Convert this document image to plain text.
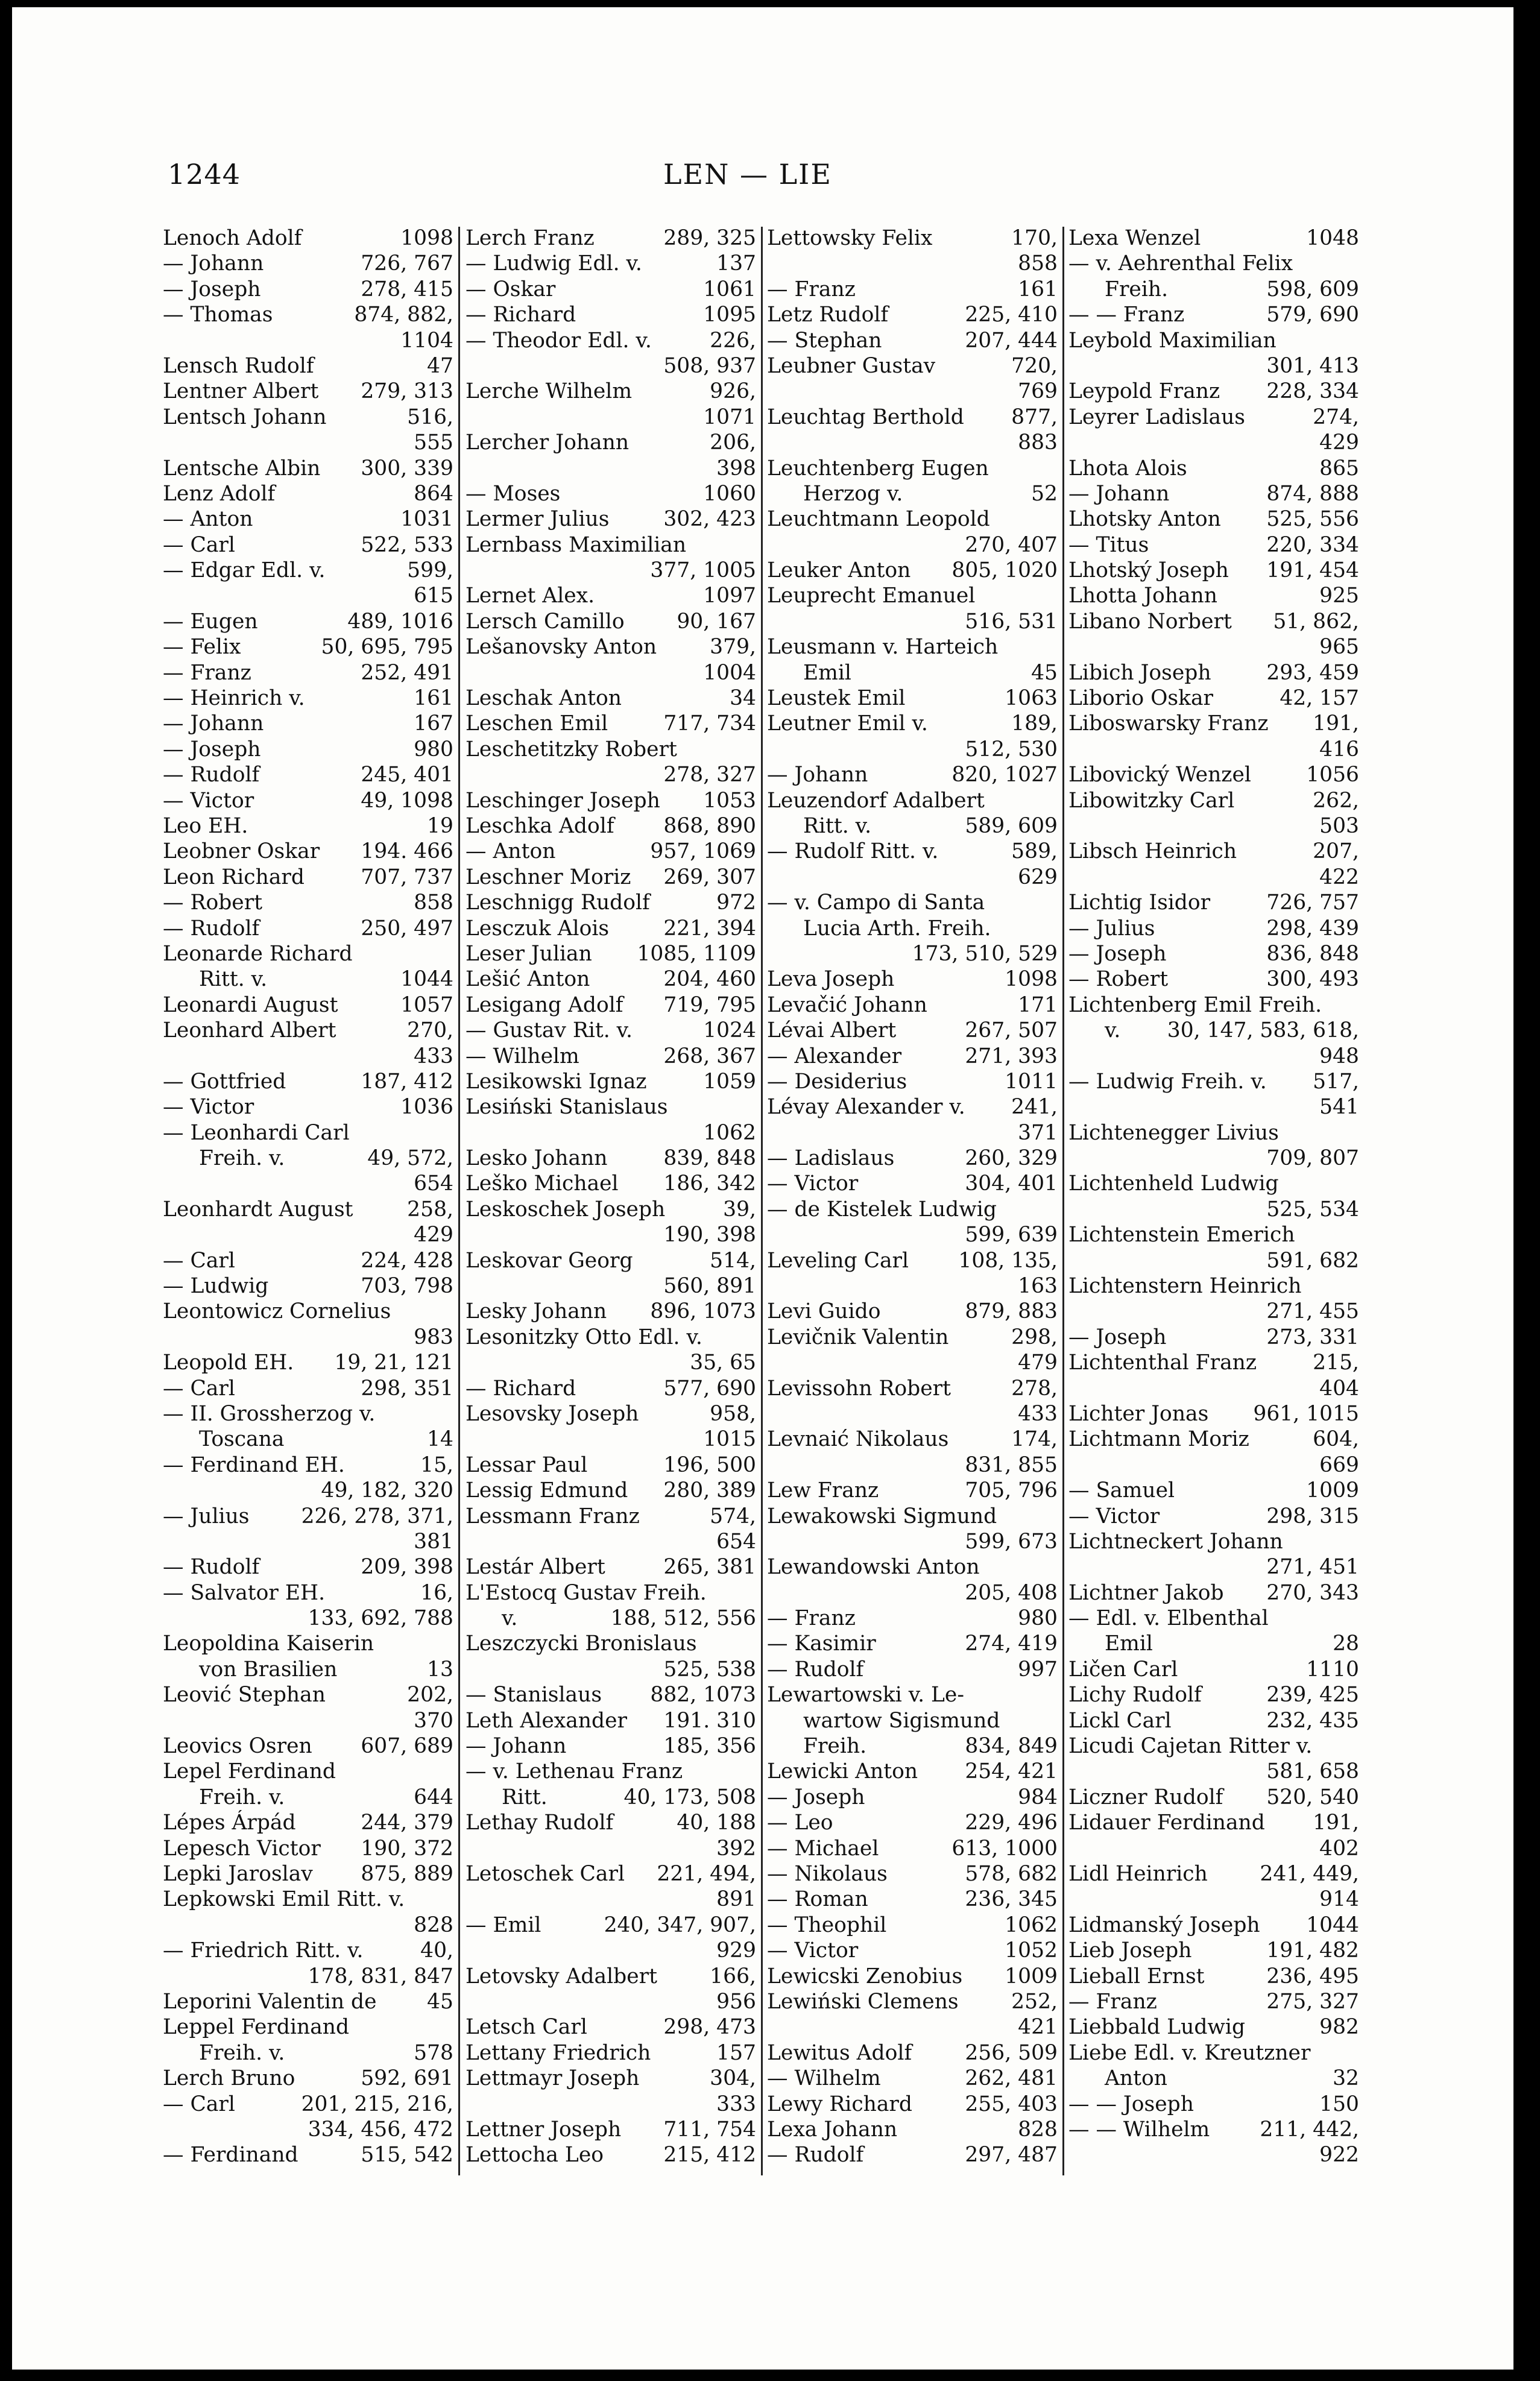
1244	LEN — LIE
Lenoch Adolf	1098
— Johann	726, 767
— Joseph	278, 415
— Thomas	874, 882,
1104
Lensch Rudolf	47
Lentner Albert 279, 313
Lentsch Johann	516,
555
Lentsche Albin 300, 339
Lenz Adolf	864
— Anton	1031
— Carl	522, 533
— Edgar Edl. v.	599,
615
— Eugen	489, 1016
— Felix	50, 695, 795
— Franz	252, 491
— Heinrich v.	161
— Johann	167
— Joseph	980
— Rudolf	245, 401
— Victor	49, 1098
Leo EH.	19
Leobner Oskar 194. 466
Leon Richard	707, 737
— Robert	858
— Rudolf	250, 497
Leonarde Richard
Ritt. v.	1044
Leonardi August	1057
Leonhard Albert	270,
433
— Gottfried	187, 412
— Victor	1036
— Leonhardi Carl
Freih. v.	49, 572,
654
Leonhardt August	258,
429
— Carl	224, 428
— Ludwig	703, 798
Leontowicz Cornelius
983
Leopold EH. 19, 21, 121
— Carl	298, 351
— II. Grossherzog v.
Toscana	14
— Ferdinand EH.	15,
49, 182, 320
— Julius 226, 278, 371,
381
— Rudolf	209, 398
— Salvator EH.	16,
133, 692, 788
Leopoldina Kaiserin
von Brasilien	13
Leović Stephan	202,
370
Leovics Osren 607, 689
Lepel Ferdinand
Freih. v.	644
Lépes Árpád	244, 379
Lepesch Victor 190, 372
Lepki Jaroslav 875, 889
Lepkowski Emil Ritt. v.
828
— Friedrich Ritt. v.	40,
178, 831, 847
Leporini Valentin de 45
Leppel Ferdinand
Freih. v.	578
Lerch Bruno	592, 691
— Carl	201, 215, 216,
334, 456, 472
— Ferdinand	515, 542
Lerch Franz	289, 325
— Ludwig Edl. v.	137
— Oskar	1061
— Richard	1095
— Theodor Edl. v.	226,
508, 937
Lerche Wilhelm	926,
1071
Lercher Johann	206,
398
— Moses	1060
Lermer Julius	302, 423
Lernbass Maximilian
377, 1005
Lernet Alex.	1097
Lersch Camillo	90, 167
Lešanovsky Anton	379,
1004
Leschak Anton	34
Leschen Emil	717, 734
Leschetitzky Robert
278, 327
Leschinger Joseph 1053
Leschka Adolf 868, 890
— Anton	957, 1069
Leschner Moriz 269, 307
Leschnigg Rudolf	972
Lesczuk Alois	221, 394
Leser Julian 1085, 1109
Lešić Anton	204, 460
Lesigang Adolf 719, 795
— Gustav Rit. v.	1024
— Wilhelm	268, 367
Lesikowski Ignaz	1059
Lesiński Stanislaus
1062
Lesko Johann	839, 848
Leško Michael 186, 342
Leskoschek Joseph	39,
190, 398
Leskovar Georg	514,
560, 891
Lesky Johann 896, 1073
Lesonitzky Otto Edl. v.
35, 65
— Richard	577, 690
Lesovsky Joseph	958,
1015
Lessar Paul	196, 500
Lessig Edmund 280, 389
Lessmann Franz	574,
654
Lestár Albert	265, 381
L'Estocq Gustav Freih.
v.	188, 512, 556
Leszczycki Bronislaus
525, 538
— Stanislaus 882, 1073
Leth Alexander 191. 310
— Johann	185, 356
— v. Lethenau Franz
Ritt.	40, 173, 508
Lethay Rudolf	40, 188
392
Letoschek Carl 221, 494,
891
— Emil	240, 347, 907,
929
Letovsky Adalbert	166,
956
Letsch Carl	298, 473
Lettany Friedrich	157
Lettmayr Joseph	304,
333
Lettner Joseph 711, 754
Lettocha Leo	215, 412
Lettowsky Felix	170,
858
— Franz	161
Letz Rudolf	225, 410
— Stephan	207, 444
Leubner Gustav	720,
769
Leuchtag Berthold 877,
883
Leuchtenberg Eugen
Herzog v.	52
Leuchtmann Leopold
270, 407
Leuker Anton 805, 1020
Leuprecht Emanuel
516, 531
Leusmann v. Harteich
Emil	45
Leustek Emil	1063
Leutner Emil v.	189,
512, 530
— Johann	820, 1027
Leuzendorf Adalbert
Ritt. v.	589, 609
— Rudolf Ritt. v.	589,
629
— v. Campo di Santa
Lucia Arth. Freih.
173, 510, 529
Leva Joseph	1098
Levačić Johann	171
Lévai Albert	267, 507
— Alexander	271, 393
— Desiderius	1011
Lévay Alexander v. 241,
371
— Ladislaus	260, 329
— Victor	304, 401
— de Kistelek Ludwig
599, 639
Leveling Carl 108, 135,
163
Levi Guido	879, 883
Levičnik Valentin	298,
479
Levissohn Robert	278,
433
Levnaić Nikolaus	174,
831, 855
Lew Franz	705, 796
Lewakowski Sigmund
599, 673
Lewandowski Anton
205, 408
— Franz	980
— Kasimir	274, 419
— Rudolf	997
Lewartowski v. Le-
wartow Sigismund
Freih.	834, 849
Lewicki Anton 254, 421
— Joseph	984
— Leo	229, 496
— Michael	613, 1000
— Nikolaus	578, 682
— Roman	236, 345
— Theophil	1062
— Victor	1052
Lewicski Zenobius 1009
Lewiński Clemens	252,
421
Lewitus Adolf	256, 509
— Wilhelm	262, 481
Lewy Richard	255, 403
Lexa Johann	828
— Rudolf	297, 487
Lexa Wenzel	1048
— v. Aehrenthal Felix
Freih.	598, 609
— — Franz	579, 690
Leybold Maximilian
301, 413
Leypold Franz 228, 334
Leyrer Ladislaus	274,
429
Lhota Alois	865
— Johann	874, 888
Lhotsky Anton 525, 556
— Titus	220, 334
Lhotský Joseph 191, 454
Lhotta Johann	925
Libano Norbert 51, 862,
965
Libich Joseph	293, 459
Liborio Oskar	42, 157
Liboswarsky Franz 191,
416
Libovický Wenzel	1056
Libowitzky Carl	262,
503
Libsch Heinrich	207,
422
Lichtig Isidor	726, 757
— Julius	298, 439
— Joseph	836, 848
— Robert	300, 493
Lichtenberg Emil Freih.
v. 30, 147, 583, 618,
948
— Ludwig Freih. v. 517,
541
Lichtenegger Livius
709, 807
Lichtenheld Ludwig
525, 534
Lichtenstein Emerich
591, 682
Lichtenstern Heinrich
271, 455
— Joseph	273, 331
Lichtenthal Franz	215,
404
Lichter Jonas 961, 1015
Lichtmann Moriz	604,
669
— Samuel	1009
— Victor	298, 315
Lichtneckert Johann
271, 451
Lichtner Jakob 270, 343
— Edl. v. Elbenthal
Emil	28
Ličen Carl	1110
Lichy Rudolf	239, 425
Lickl Carl	232, 435
Licudi Cajetan Ritter v.
581, 658
Liczner Rudolf 520, 540
Lidauer Ferdinand 191,
402
Lidl Heinrich	241, 449,
914
Lidmanský Joseph 1044
Lieb Joseph	191, 482
Lieball Ernst	236, 495
— Franz	275, 327
Liebbald Ludwig	982
Liebe Edl. v. Kreutzner
Anton	32
— — Joseph	150
— — Wilhelm 211, 442,
922
